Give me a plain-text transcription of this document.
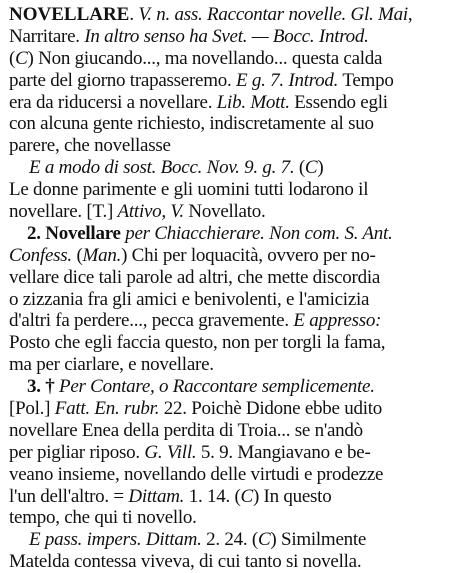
NOVELLARE. V. n. ass. Raccontar novelle. Gl. Mai,
Narritare. In altro senso ha Svet. — Bocc. Introd.
(C) Non giucando..., ma novellando... questa calda
parte del giorno trapasseremo. E g. 7. Introd. Tempo
era da riducersi a novellare. Lib. Mott. Essendo egli
con alcuna gente richiesto, indiscretamente al suo
parere, che novellasse
E a modo di sost. Bocc. Nov. 9. g. 7. (C)
Le donne parimente e gli uomini tutti lodarono il
novellare. [T.] Attivo, V. Novellato.
2. Novellare per Chiacchierare. Non com. S. Ant.
Confess. (Man.) Chi per loquacità, ovvero per no-
vellare dice tali parole ad altri, che mette discordia
o zizzania fra gli amici e benivolenti, e l'amicizia
d'altri fa perdere..., pecca gravemente. E appresso:
Posto che egli faccia questo, non per torgli la fama,
ma per ciarlare, e novellare.
3. † Per Contare, o Raccontare semplicemente.
[Pol.] Fatt. En. rubr. 22. Poichè Didone ebbe udito
novellare Enea della perdita di Troia... se n'andò
per pigliar riposo. G. Vill. 5. 9. Mangiavano e be-
veano insieme, novellando delle virtudi e prodezze
l'un dell'altro. = Dittam. 1. 14. (C) In questo
tempo, che qui ti novello.
E pass. impers. Dittam. 2. 24. (C) Similmente
Matelda contessa viveva, di cui tanto si novella.
